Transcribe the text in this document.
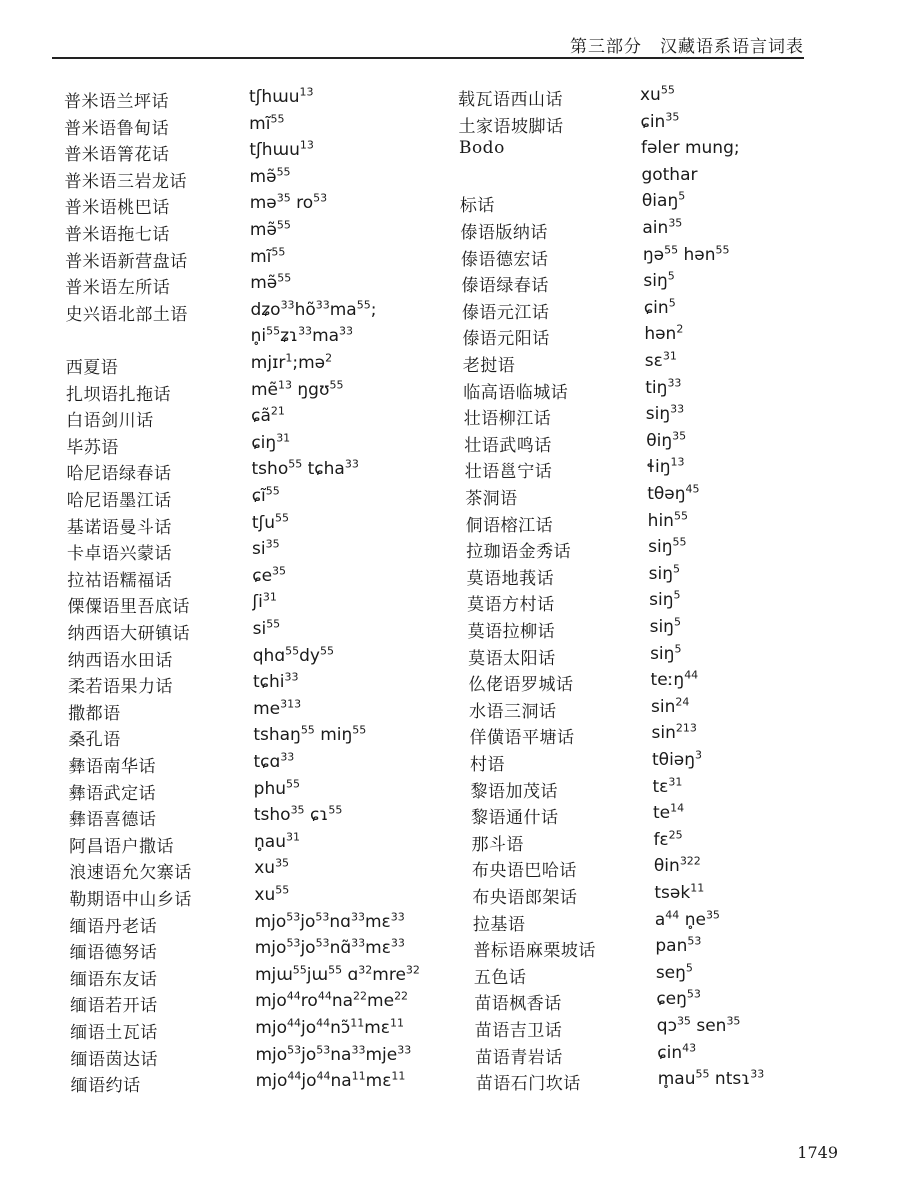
第三部分　汉藏语系语言词表
普米语兰坪话	tʃhɯu$^{13}$
普米语鲁甸话	$mĩ^{55}$
普米语箐花话	tʃhɯu$^{13}$
普米语三岩龙话	mə̃$^{55}$
普米语桃巴话	mə$^{35}$ $ro^{53}$
普米语拖七话	mə̃$^{55}$
普米语新营盘话	$mĩ^{55}$
普米语左所话	mə̃$^{55}$
史兴语北部土语	$dʑo^{33}hõ^{33}ma^{55}$;
$n̥i^{55}ʑɿ^{33}ma^{33}$
西夏语	mjɪr$^1$;mə$^2$
扎坝语扎拖话	mẽ$^{13}$ ŋgʊ$^{55}$
白语剑川话	ɕã$^{21}$
毕苏语	ɕiŋ$^{31}$
哈尼语绿春话	tsho$^{55}$ tɕha$^{33}$
哈尼语墨江话	ɕĩ$^{55}$
基诺语曼斗话	tʃu$^{55}$
卡卓语兴蒙话	$si^{35}$
拉祜语糯福话	ɕe$^{35}$
傈僳语里吾底话	ʃi$^{31}$
纳西语大研镇话	$si^{55}$
纳西语水田话	$qhɑ^{55}dy^{55}$
柔若语果力话	tɕhi$^{33}$
撒都语	$me^{313}$
桑孔语	tshaŋ$^{55}$ miŋ$^{55}$
彝语南华话	tɕɑ$^{33}$
彝语武定话	phu$^{55}$
彝语喜德话	tsho$^{35}$ ɕɿ$^{55}$
阿昌语户撒话	$n̥au^{31}$
浪速语允欠寨话	$xu^{35}$
勒期语中山乡话	$xu^{55}$
缅语丹老话	$mjo^{53}jo^{53}nɑ^{33}mɛ^{33}$
缅语德努话	$mjo^{53}jo^{53}nɑ̃^{33}mɛ^{33}$
缅语东友话	mjɯ$^{55}$jɯ$^{55}$ ɑ$^{32}$mre$^{32}$
缅语若开话	$mjo^{44}ro^{44}na^{22}me^{22}$
缅语土瓦话	$mjo^{44}jo^{44}nɔ̃^{11}mɛ^{11}$
缅语茵达话	$mjo^{53}jo^{53}na^{33}mje^{33}$
缅语约话	$mjo^{44}jo^{44}na^{11}mɛ^{11}$
载瓦语西山话	$xu^{55}$
土家语坡脚话	ɕin$^{35}$
Bodo	fəler mung;
gothar
标话	θiaŋ$^5$
傣语版纳话	ain$^{35}$
傣语德宏话	ŋə$^{55}$ hən$^{55}$
傣语绿春话	siŋ$^5$
傣语元江话	ɕin$^5$
傣语元阳话	hən$^2$
老挝语	sɛ$^{31}$
临高语临城话	tiŋ$^{33}$
壮语柳江话	siŋ$^{33}$
壮语武鸣话	θiŋ$^{35}$
壮语邕宁话	ɬiŋ$^{13}$
茶洞语	tθəŋ$^{45}$
侗语榕江话	hin$^{55}$
拉珈语金秀话	siŋ$^{55}$
莫语地莪话	siŋ$^5$
莫语方村话	siŋ$^5$
莫语拉柳话	siŋ$^5$
莫语太阳话	siŋ$^5$
仫佬语罗城话	teːŋ$^{44}$
水语三洞话	$\sin^{24}$
佯僙语平塘话	$\sin^{213}$
村语	tθiəŋ$^3$
黎语加茂话	tɛ$^{31}$
黎语通什话	$te^{14}$
那斗语	fɛ$^{25}$
布央语巴哈话	θin$^{322}$
布央语郎架话	tsək$^{11}$
拉基语	$a^{44}$ $n̥e^{35}$
普标语麻栗坡话	pan$^{53}$
五色话	seŋ$^5$
苗语枫香话	ɕeŋ$^{53}$
苗语吉卫话	qɔ$^{35}$ sen$^{35}$
苗语青岩话	ɕin$^{43}$
苗语石门坎话	$m̥au^{55}$ ntsɿ$^{33}$
1749
